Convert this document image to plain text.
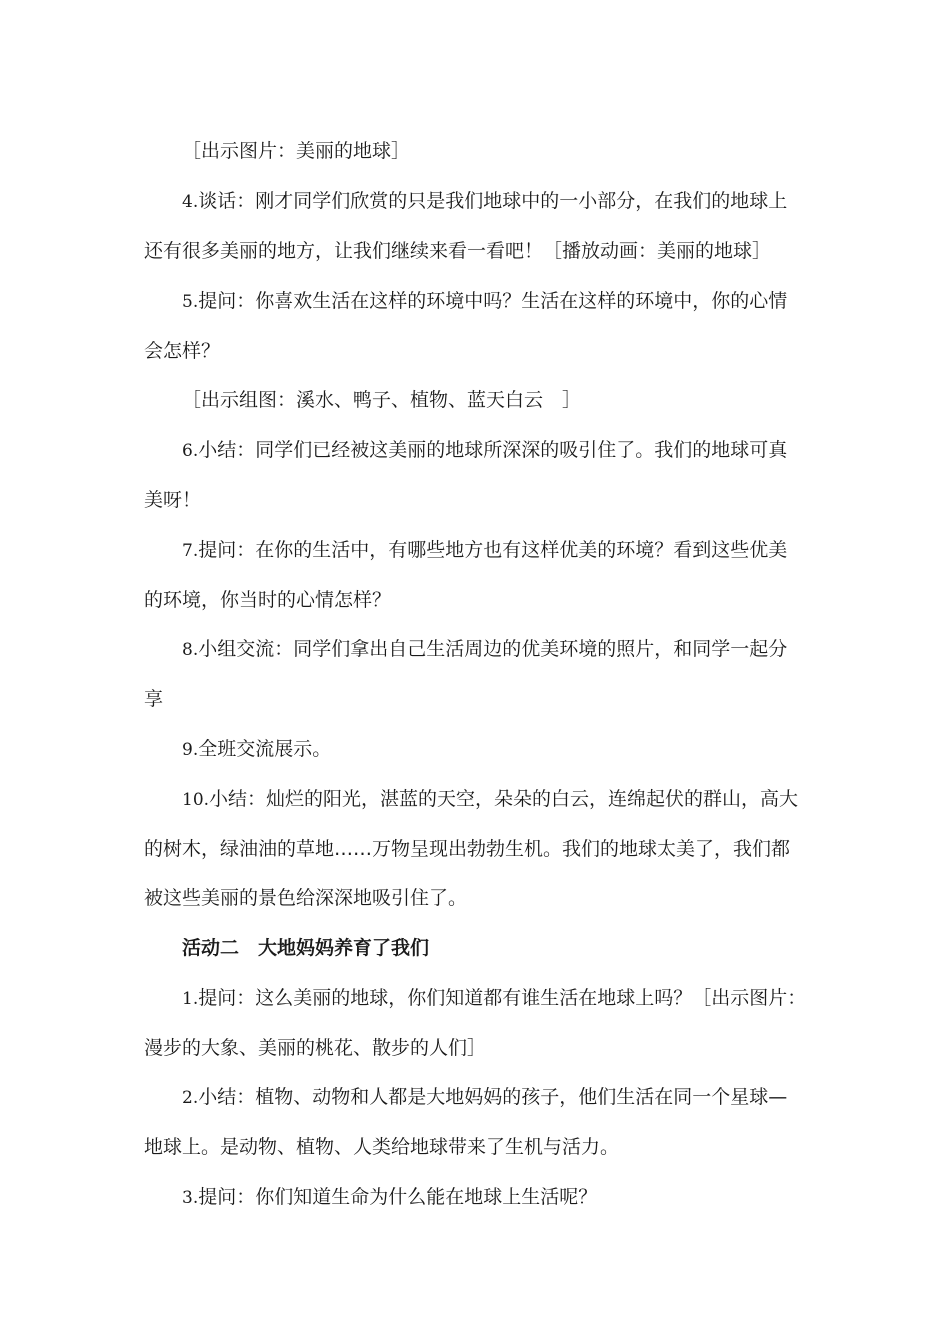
［出示图片：美丽的地球］
4.谈话：刚才同学们欣赏的只是我们地球中的一小部分，在我们的地球上
还有很多美丽的地方，让我们继续来看一看吧！［播放动画：美丽的地球］
5.提问：你喜欢生活在这样的环境中吗？生活在这样的环境中，你的心情
会怎样？
［出示组图：溪水、鸭子、植物、蓝天白云　］
6.小结：同学们已经被这美丽的地球所深深的吸引住了。我们的地球可真
美呀！
7.提问：在你的生活中，有哪些地方也有这样优美的环境？看到这些优美
的环境，你当时的心情怎样？
8.小组交流：同学们拿出自己生活周边的优美环境的照片，和同学一起分
享
9.全班交流展示。
10.小结：灿烂的阳光，湛蓝的天空，朵朵的白云，连绵起伏的群山，高大
的树木，绿油油的草地……万物呈现出勃勃生机。我们的地球太美了，我们都
被这些美丽的景色给深深地吸引住了。
活动二　大地妈妈养育了我们
1.提问：这么美丽的地球，你们知道都有谁生活在地球上吗？［出示图片：
漫步的大象、美丽的桃花、散步的人们］
2.小结：植物、动物和人都是大地妈妈的孩子，他们生活在同一个星球—
地球上。是动物、植物、人类给地球带来了生机与活力。
3.提问：你们知道生命为什么能在地球上生活呢？
